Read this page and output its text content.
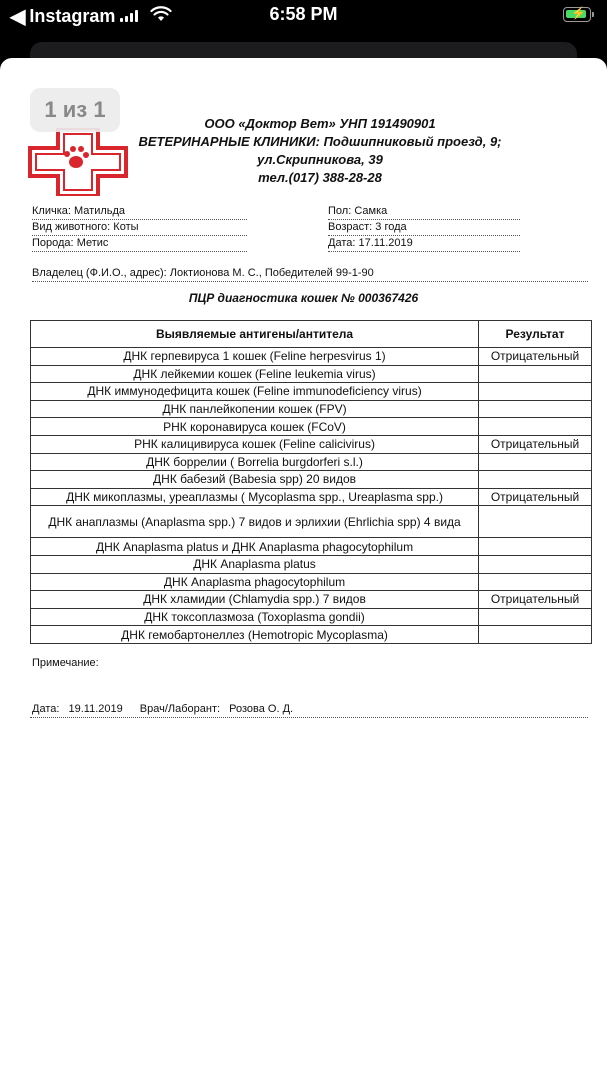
◀ Instagram	6:58 PM	⚡
1 из 1
ООО «Доктор Вет» УНП 191490901
ВЕТЕРИНАРНЫЕ КЛИНИКИ: Подшипниковый проезд, 9;
ул.Скрипникова, 39
тел.(017) 388-28-28
Кличка: Матильда
Вид животного: Коты
Порода: Метис
Пол: Самка
Возраст: 3 года
Дата: 17.11.2019
Владелец (Ф.И.О., адрес): Локтионова М. С., Победителей 99-1-90
ПЦР диагностика кошек № 000367426
Выявляемые антигены/антитела	Результат
ДНК герпевируса 1 кошек (Feline herpesvirus 1)	Отрицательный
ДНК лейкемии кошек (Feline leukemia virus)	
ДНК иммунодефицита кошек (Feline immunodeficiency virus)	
ДНК панлейкопении кошек (FPV)	
РНК коронавируса кошек (FCoV)	
РНК калицивируса кошек (Feline calicivirus)	Отрицательный
ДНК боррелии ( Borrelia burgdorferi s.l.)	
ДНК бабезий (Babesia spp) 20 видов	
ДНК микоплазмы, уреаплазмы ( Mycoplasma spp., Ureaplasma spp.)	Отрицательный
ДНК анаплазмы (Anaplasma spp.) 7 видов и эрлихии (Ehrlichia spp) 4 вида	
ДНК Anaplasma platus и ДНК Anaplasma phagocytophilum	
ДНК Anaplasma platus	
ДНК Anaplasma phagocytophilum	
ДНК хламидии (Chlamydia spp.) 7 видов	Отрицательный
ДНК токсоплазмоза (Toxoplasma gondii)	
ДНК гемобартонеллез (Hemotropic Mycoplasma)	
Примечание:
Дата: 19.11.2019 Врач/Лаборант: Розова О. Д.
